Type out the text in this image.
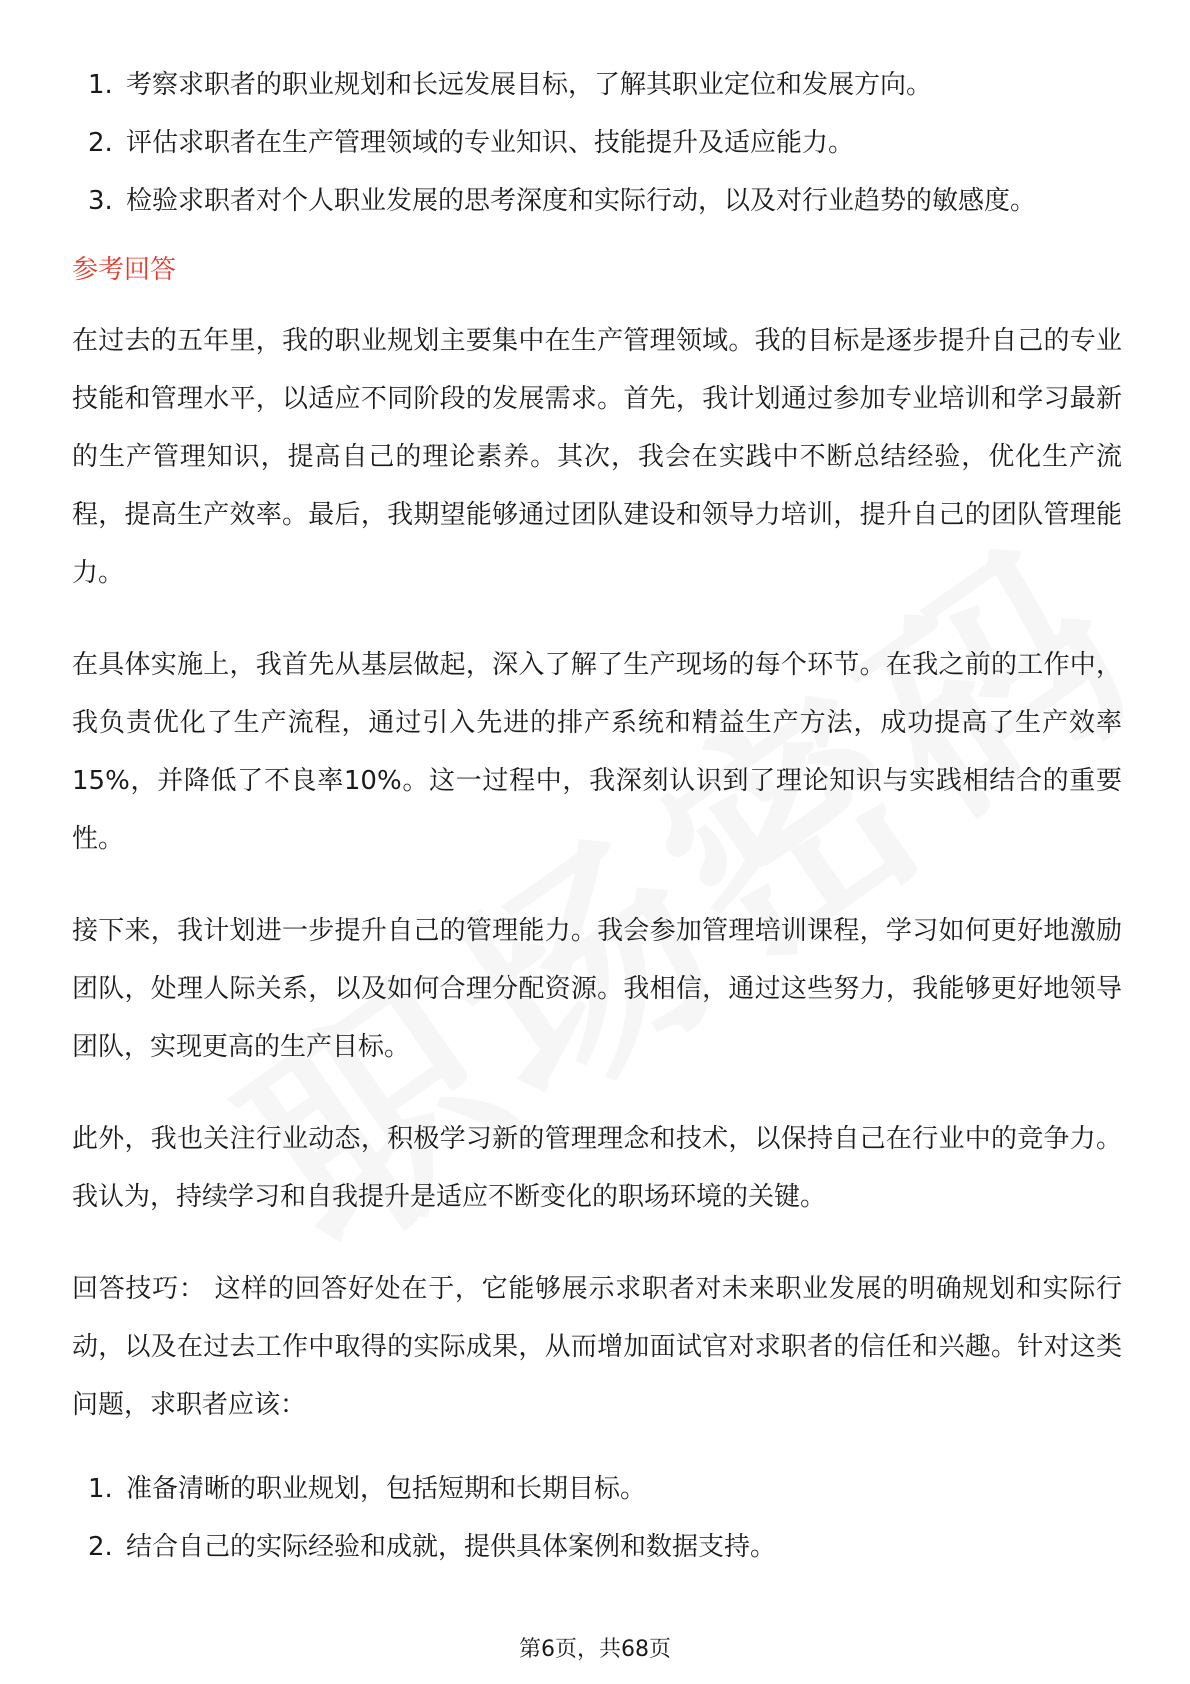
1. 考察求职者的职业规划和长远发展目标，了解其职业定位和发展方向。
2. 评估求职者在生产管理领域的专业知识、技能提升及适应能力。
3. 检验求职者对个人职业发展的思考深度和实际行动，以及对行业趋势的敏感度。
参考回答

在过去的五年里，我的职业规划主要集中在生产管理领域。我的目标是逐步提升自己的专业技能和管理水平，以适应不同阶段的发展需求。首先，我计划通过参加专业培训和学习最新的生产管理知识，提高自己的理论素养。其次，我会在实践中不断总结经验，优化生产流程，提高生产效率。最后，我期望能够通过团队建设和领导力培训，提升自己的团队管理能力。

在具体实施上，我首先从基层做起，深入了解了生产现场的每个环节。在我之前的工作中，我负责优化了生产流程，通过引入先进的排产系统和精益生产方法，成功提高了生产效率15%，并降低了不良率10%。这一过程中，我深刻认识到了理论知识与实践相结合的重要性。

接下来，我计划进一步提升自己的管理能力。我会参加管理培训课程，学习如何更好地激励团队，处理人际关系，以及如何合理分配资源。我相信，通过这些努力，我能够更好地领导团队，实现更高的生产目标。

此外，我也关注行业动态，积极学习新的管理理念和技术，以保持自己在行业中的竞争力。我认为，持续学习和自我提升是适应不断变化的职场环境的关键。

回答技巧： 这样的回答好处在于，它能够展示求职者对未来职业发展的明确规划和实际行动，以及在过去工作中取得的实际成果，从而增加面试官对求职者的信任和兴趣。针对这类问题，求职者应该：

1. 准备清晰的职业规划，包括短期和长期目标。
2. 结合自己的实际经验和成就，提供具体案例和数据支持。
第6页，共68页
